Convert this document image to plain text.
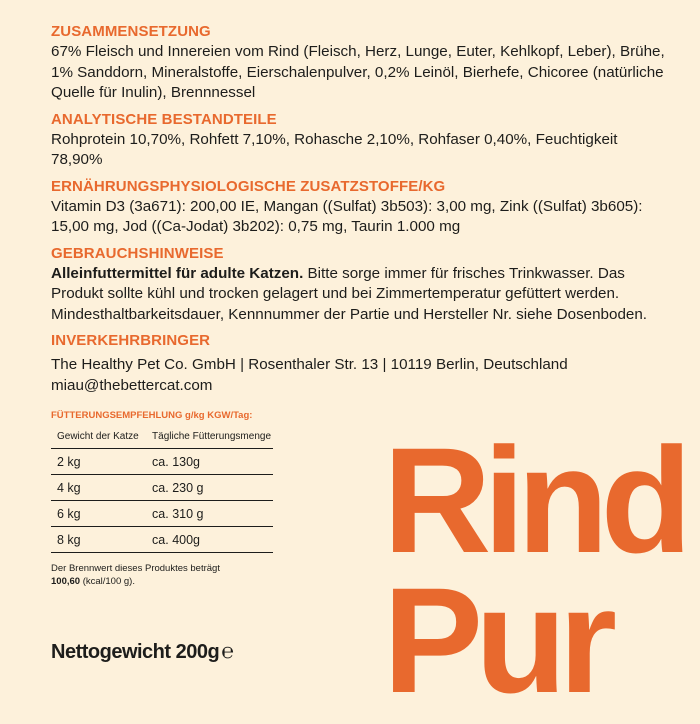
ZUSAMMENSETZUNG

67% Fleisch und Innereien vom Rind (Fleisch, Herz, Lunge, Euter, Kehlkopf, Leber), Brühe, 1% Sanddorn, Mineralstoffe, Eierschalenpulver, 0,2% Leinöl, Bierhefe, Chicoree (natürliche Quelle für Inulin), Brennnessel

ANALYTISCHE BESTANDTEILE

Rohprotein 10,70%, Rohfett 7,10%, Rohasche 2,10%, Rohfaser 0,40%, Feuchtigkeit 78,90%

ERNÄHRUNGSPHYSIOLOGISCHE ZUSATZSTOFFE/KG

Vitamin D3 (3a671): 200,00 IE, Mangan ((Sulfat) 3b503): 3,00 mg, Zink ((Sulfat) 3b605): 15,00 mg, Jod ((Ca-Jodat) 3b202): 0,75 mg, Taurin 1.000 mg

GEBRAUCHSHINWEISE

Alleinfuttermittel für adulte Katzen. Bitte sorge immer für frisches Trinkwasser. Das Produkt sollte kühl und trocken gelagert und bei Zimmertemperatur gefüttert werden. Mindesthaltbarkeitsdauer, Kennnummer der Partie und Hersteller Nr. siehe Dosenboden.

INVERKEHRBRINGER

The Healthy Pet Co. GmbH | Rosenthaler Str. 13 | 10119 Berlin, Deutschland

miau@thebettercat.com

FÜTTERUNGSEMPFEHLUNG g/kg KGW/Tag:
Gewicht der Katze	Tägliche Fütterungsmenge
2 kg	ca. 130g
4 kg	ca. 230 g
6 kg	ca. 310 g
8 kg	ca. 400g
Der Brennwert dieses Produktes beträgt
100,60 (kcal/100 g).
Nettogewicht 200g℮
Rind
Pur
